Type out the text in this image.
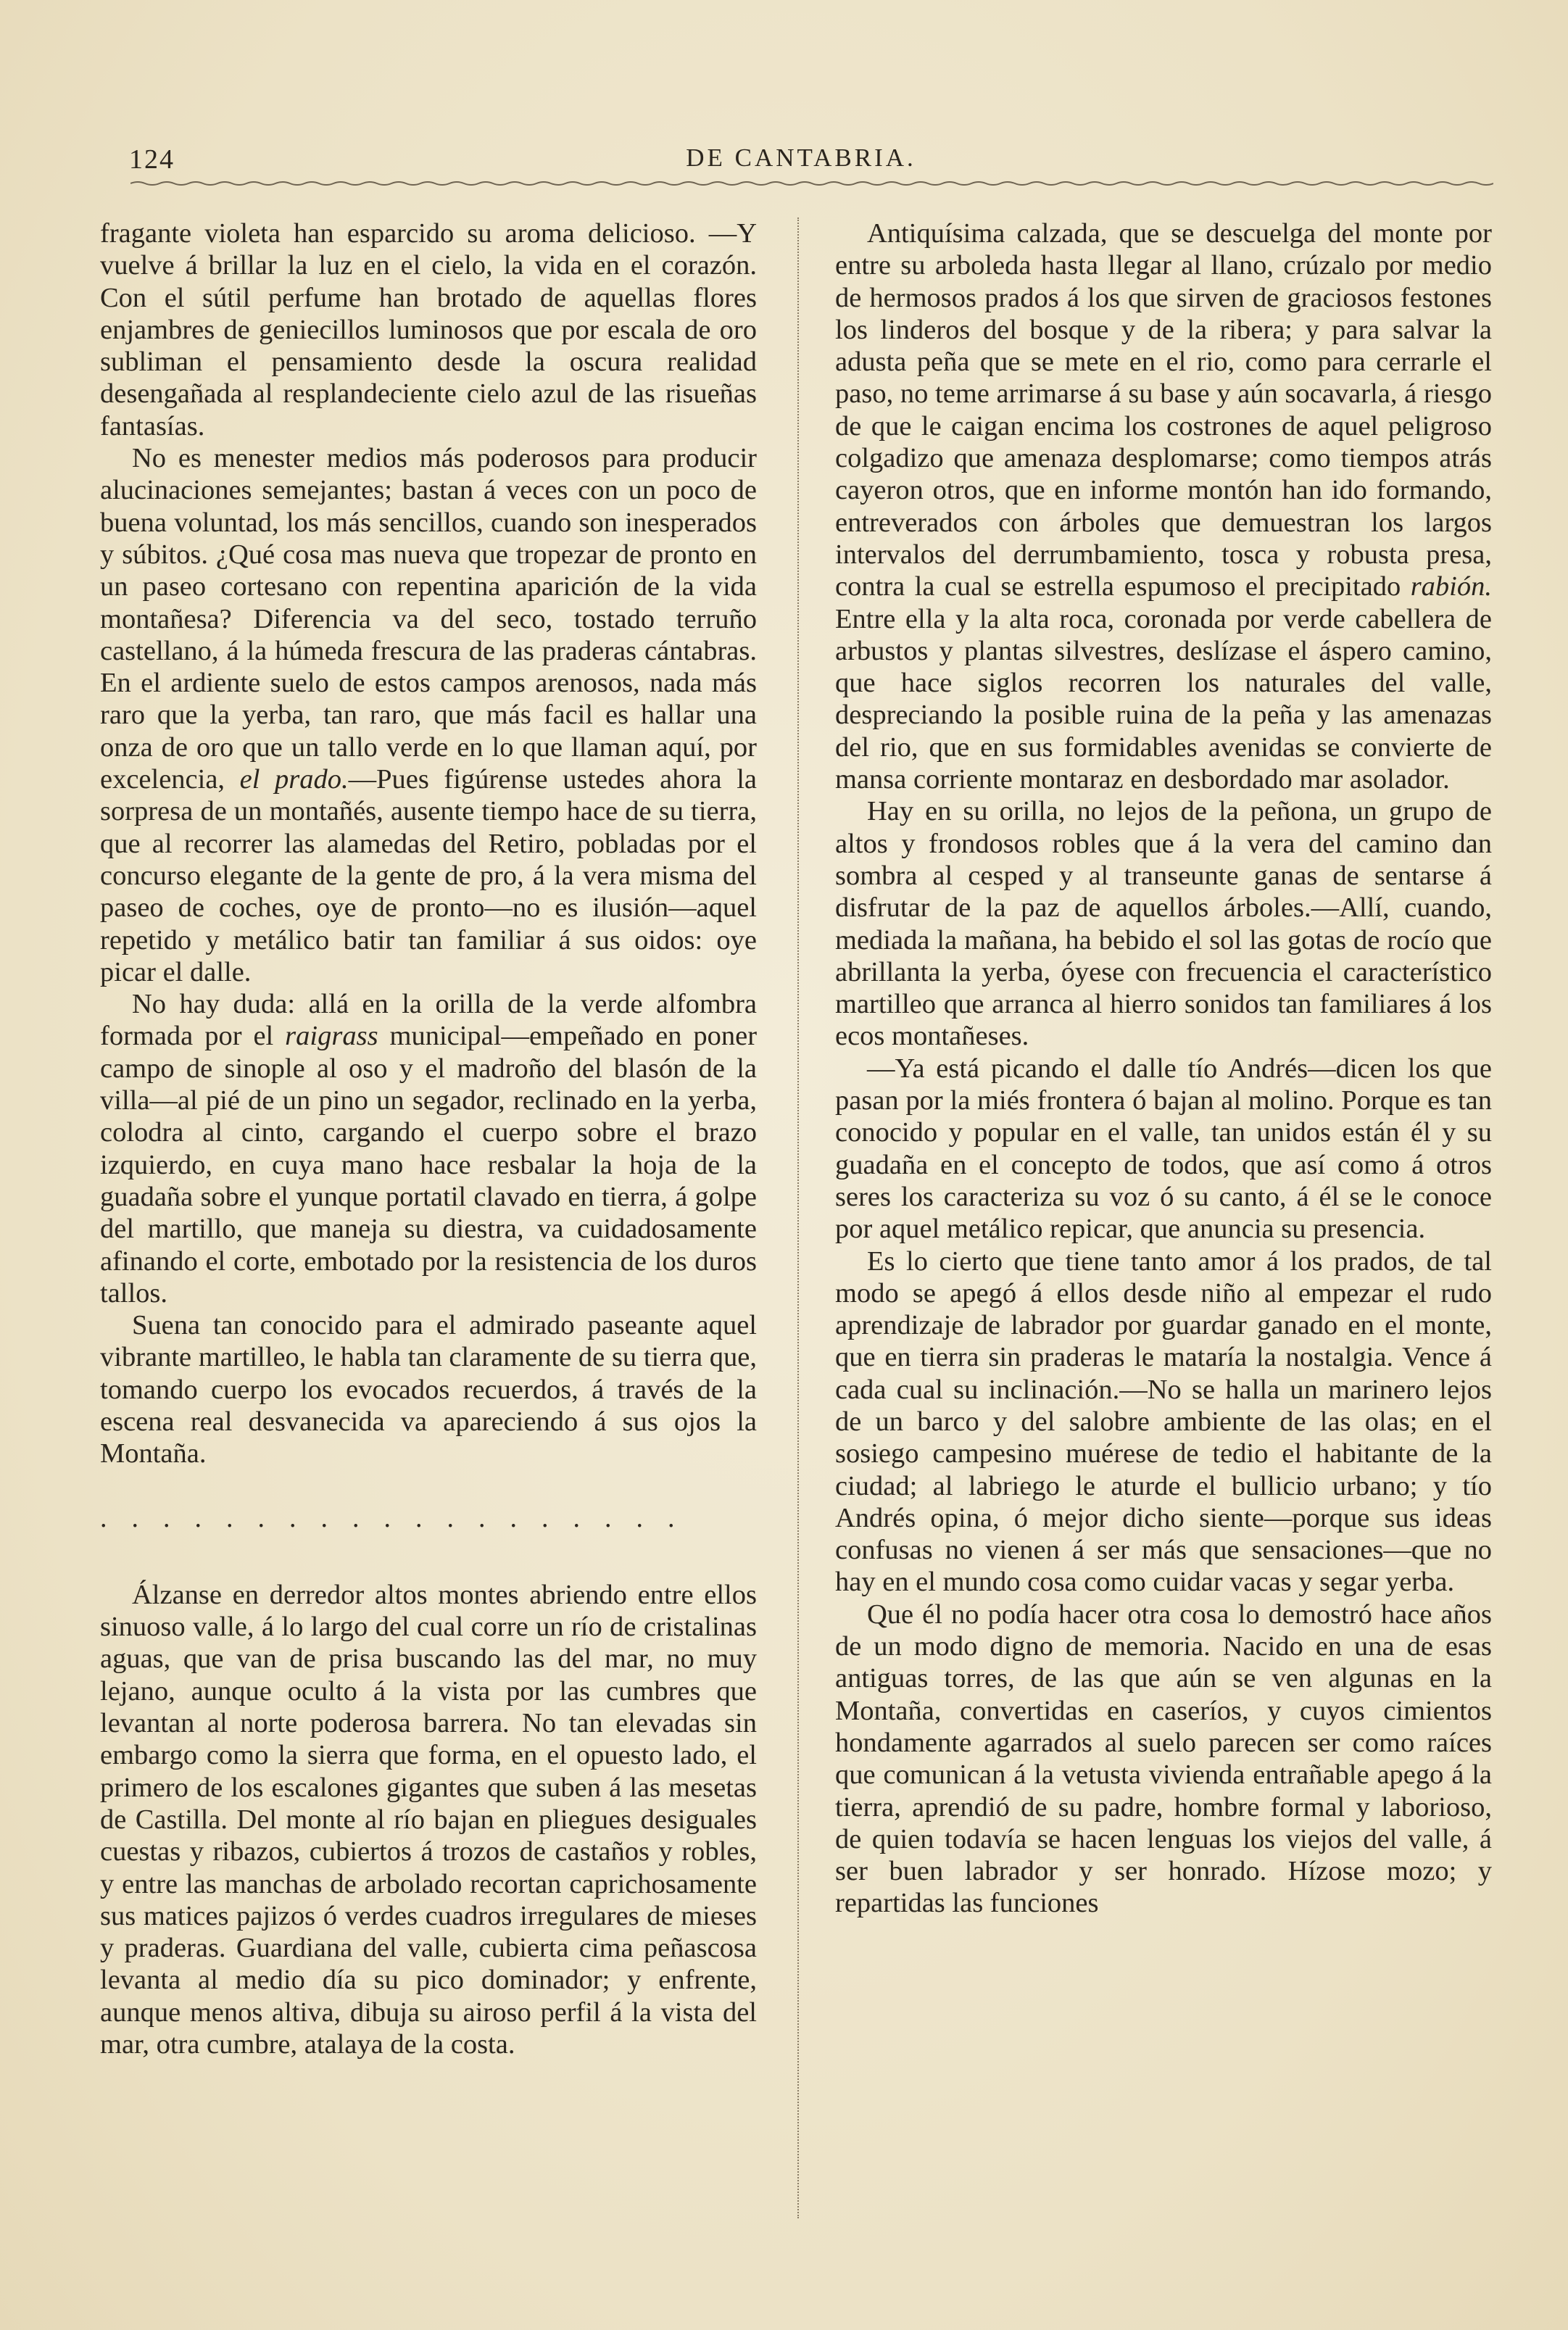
124	DE CANTABRIA.

fragante violeta han esparcido su aroma delicioso. —Y vuelve á brillar la luz en el cielo, la vida en el corazón. Con el sútil perfume han brotado de aquellas flores enjambres de geniecillos luminosos que por escala de oro subliman el pensamiento desde la oscura realidad desengañada al resplandeciente cielo azul de las risueñas fantasías.

No es menester medios más poderosos para producir alucinaciones semejantes; bastan á veces con un poco de buena voluntad, los más sencillos, cuando son inesperados y súbitos. ¿Qué cosa mas nueva que tropezar de pronto en un paseo cortesano con repentina aparición de la vida montañesa? Diferencia va del seco, tostado terruño castellano, á la húmeda frescura de las praderas cántabras. En el ardiente suelo de estos campos arenosos, nada más raro que la yerba, tan raro, que más facil es hallar una onza de oro que un tallo verde en lo que llaman aquí, por excelencia, el prado.—Pues figúrense ustedes ahora la sorpresa de un montañés, ausente tiempo hace de su tierra, que al recorrer las alamedas del Retiro, pobladas por el concurso elegante de la gente de pro, á la vera misma del paseo de coches, oye de pronto—no es ilusión—aquel repetido y metálico batir tan familiar á sus oidos: oye picar el dalle.

No hay duda: allá en la orilla de la verde alfombra formada por el raigrass municipal—empeñado en poner campo de sinople al oso y el madroño del blasón de la villa—al pié de un pino un segador, reclinado en la yerba, colodra al cinto, cargando el cuerpo sobre el brazo izquierdo, en cuya mano hace resbalar la hoja de la guadaña sobre el yunque portatil clavado en tierra, á golpe del martillo, que maneja su diestra, va cuidadosamente afinando el corte, embotado por la resistencia de los duros tallos.

Suena tan conocido para el admirado paseante aquel vibrante martilleo, le habla tan claramente de su tierra que, tomando cuerpo los evocados recuerdos, á través de la escena real desvanecida va apareciendo á sus ojos la Montaña.

...................

Álzanse en derredor altos montes abriendo entre ellos sinuoso valle, á lo largo del cual corre un río de cristalinas aguas, que van de prisa buscando las del mar, no muy lejano, aunque oculto á la vista por las cumbres que levantan al norte poderosa barrera. No tan elevadas sin embargo como la sierra que forma, en el opuesto lado, el primero de los escalones gigantes que suben á las mesetas de Castilla. Del monte al río bajan en pliegues desiguales cuestas y ribazos, cubiertos á trozos de castaños y robles, y entre las manchas de arbolado recortan caprichosamente sus matices pajizos ó verdes cuadros irregulares de mieses y praderas. Guardiana del valle, cubierta cima peñascosa levanta al medio día su pico dominador; y enfrente, aunque menos altiva, dibuja su airoso perfil á la vista del mar, otra cumbre, atalaya de la costa.

Antiquísima calzada, que se descuelga del monte por entre su arboleda hasta llegar al llano, crúzalo por medio de hermosos prados á los que sirven de graciosos festones los linderos del bosque y de la ribera; y para salvar la adusta peña que se mete en el rio, como para cerrarle el paso, no teme arrimarse á su base y aún socavarla, á riesgo de que le caigan encima los costrones de aquel peligroso colgadizo que amenaza desplomarse; como tiempos atrás cayeron otros, que en informe montón han ido formando, entreverados con árboles que demuestran los largos intervalos del derrumbamiento, tosca y robusta presa, contra la cual se estrella espumoso el precipitado rabión. Entre ella y la alta roca, coronada por verde cabellera de arbustos y plantas silvestres, deslízase el áspero camino, que hace siglos recorren los naturales del valle, despreciando la posible ruina de la peña y las amenazas del rio, que en sus formidables avenidas se convierte de mansa corriente montaraz en desbordado mar asolador.

Hay en su orilla, no lejos de la peñona, un grupo de altos y frondosos robles que á la vera del camino dan sombra al cesped y al transeunte ganas de sentarse á disfrutar de la paz de aquellos árboles.—Allí, cuando, mediada la mañana, ha bebido el sol las gotas de rocío que abrillanta la yerba, óyese con frecuencia el característico martilleo que arranca al hierro sonidos tan familiares á los ecos montañeses.

—Ya está picando el dalle tío Andrés—dicen los que pasan por la miés frontera ó bajan al molino. Porque es tan conocido y popular en el valle, tan unidos están él y su guadaña en el concepto de todos, que así como á otros seres los caracteriza su voz ó su canto, á él se le conoce por aquel metálico repicar, que anuncia su presencia.

Es lo cierto que tiene tanto amor á los prados, de tal modo se apegó á ellos desde niño al empezar el rudo aprendizaje de labrador por guardar ganado en el monte, que en tierra sin praderas le mataría la nostalgia. Vence á cada cual su inclinación.—No se halla un marinero lejos de un barco y del salobre ambiente de las olas; en el sosiego campesino muérese de tedio el habitante de la ciudad; al labriego le aturde el bullicio urbano; y tío Andrés opina, ó mejor dicho siente—porque sus ideas confusas no vienen á ser más que sensaciones—que no hay en el mundo cosa como cuidar vacas y segar yerba.

Que él no podía hacer otra cosa lo demostró hace años de un modo digno de memoria. Nacido en una de esas antiguas torres, de las que aún se ven algunas en la Montaña, convertidas en caseríos, y cuyos cimientos hondamente agarrados al suelo parecen ser como raíces que comunican á la vetusta vivienda entrañable apego á la tierra, aprendió de su padre, hombre formal y laborioso, de quien todavía se hacen lenguas los viejos del valle, á ser buen labrador y ser honrado. Hízose mozo; y repartidas las funciones
